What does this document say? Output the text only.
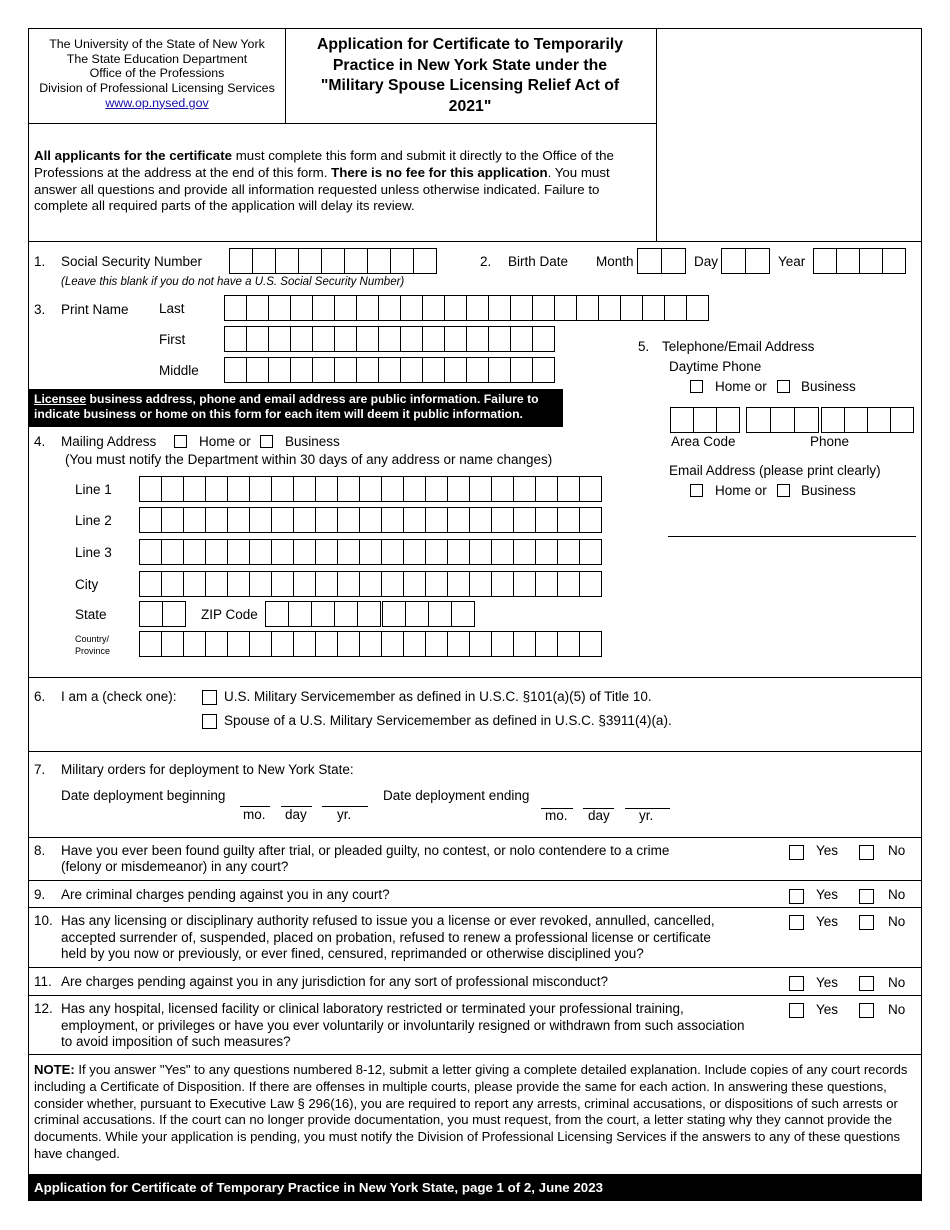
The University of the State of New York
The State Education Department
Office of the Professions
Division of Professional Licensing Services
www.op.nysed.gov
Application for Certificate to Temporarily
Practice in New York State under the
"Military Spouse Licensing Relief Act of
2021"
All applicants for the certificate must complete this form and submit it directly to the Office of the Professions at the address at the end of this form. There is no fee for this application. You must answer all questions and provide all information requested unless otherwise indicated. Failure to complete all required parts of the application will delay its review.
1. Social Security Number
(Leave this blank if you do not have a U.S. Social Security Number)
2. Birth Date Month	Day	Year
3. Print Name Last
First
Middle
Licensee business address, phone and email address are public information. Failure to indicate business or home on this form for each item will deem it public information.
4. Mailing Address	Home or	Business
(You must notify the Department within 30 days of any address or name changes)
Line 1
Line 2
Line 3
City
State	ZIP Code
Country/
Province
5. Telephone/Email Address
Daytime Phone
Home or	Business
Area Code	Phone
Email Address (please print clearly)
Home or	Business
6. I am a (check one):	U.S. Military Servicemember as defined in U.S.C. §101(a)(5) of Title 10.
Spouse of a U.S. Military Servicemember as defined in U.S.C. §3911(4)(a).
7. Military orders for deployment to New York State:
Date deployment beginning
mo. day yr.
Date deployment ending
mo. day yr.
8. Have you ever been found guilty after trial, or pleaded guilty, no contest, or nolo contendere to a crime
(felony or misdemeanor) in any court?
Yes	No
9. Are criminal charges pending against you in any court?	Yes	No
10. Has any licensing or disciplinary authority refused to issue you a license or ever revoked, annulled, cancelled,
accepted surrender of, suspended, placed on probation, refused to renew a professional license or certificate
held by you now or previously, or ever fined, censured, reprimanded or otherwise disciplined you?
Yes	No
11. Are charges pending against you in any jurisdiction for any sort of professional misconduct?	Yes	No
12. Has any hospital, licensed facility or clinical laboratory restricted or terminated your professional training,
employment, or privileges or have you ever voluntarily or involuntarily resigned or withdrawn from such association
to avoid imposition of such measures?
Yes	No
NOTE: If you answer "Yes" to any questions numbered 8-12, submit a letter giving a complete detailed explanation. Include copies of any court records including a Certificate of Disposition. If there are offenses in multiple courts, please provide the same for each action. In answering these questions, consider whether, pursuant to Executive Law § 296(16), you are required to report any arrests, criminal accusations, or dispositions of such arrests or criminal accusations. If the court can no longer provide documentation, you must request, from the court, a letter stating why they cannot provide the documents. While your application is pending, you must notify the Division of Professional Licensing Services if the answers to any of these questions have changed.
Application for Certificate of Temporary Practice in New York State, page 1 of 2, June 2023
